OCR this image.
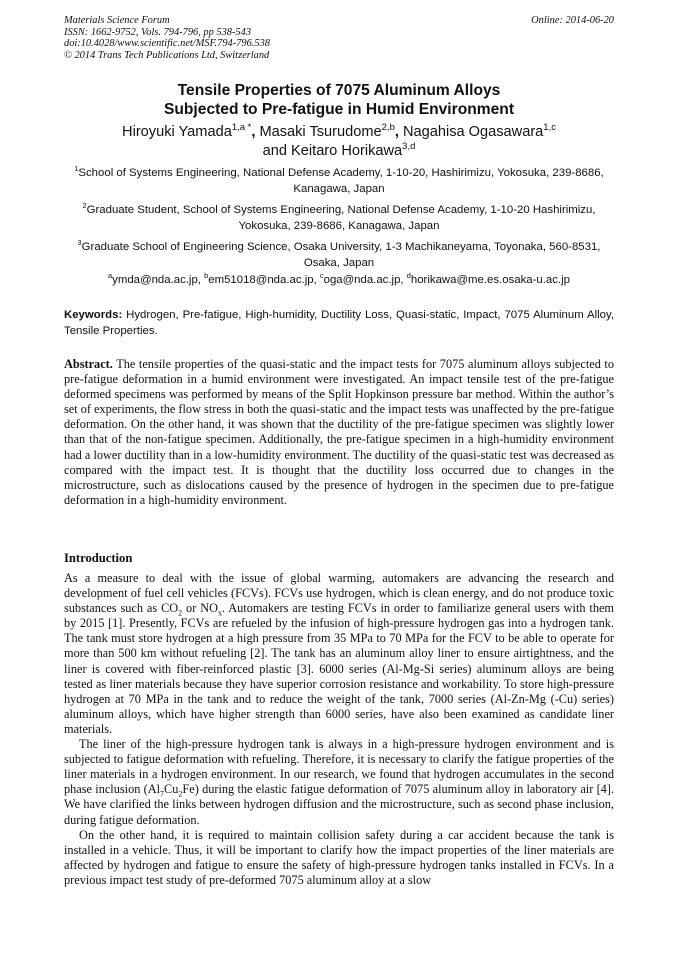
Materials Science Forum
ISSN: 1662-9752, Vols. 794-796, pp 538-543
doi:10.4028/www.scientific.net/MSF.794-796.538
© 2014 Trans Tech Publications Ltd, Switzerland
Online: 2014-06-20
Tensile Properties of 7075 Aluminum Alloys
Subjected to Pre-fatigue in Humid Environment
Hiroyuki Yamada$^{1,a *}$, Masaki Tsurudome$^{2,b}$, Nagahisa Ogasawara$^{1,c}$
and Keitaro Horikawa$^{3,d}$

$^1$School of Systems Engineering, National Defense Academy, 1-10-20, Hashirimizu, Yokosuka, 239-8686, Kanagawa, Japan

$^2$Graduate Student, School of Systems Engineering, National Defense Academy, 1-10-20 Hashirimizu, Yokosuka, 239-8686, Kanagawa, Japan

$^3$Graduate School of Engineering Science, Osaka University, 1-3 Machikaneyama, Toyonaka, 560-8531, Osaka, Japan

$^a$ymda@nda.ac.jp, $^b$em51018@nda.ac.jp, $^c$oga@nda.ac.jp, $^d$horikawa@me.es.osaka-u.ac.jp
Keywords: Hydrogen, Pre-fatigue, High-humidity, Ductility Loss, Quasi-static, Impact, 7075 Aluminum Alloy, Tensile Properties.
Abstract. The tensile properties of the quasi-static and the impact tests for 7075 aluminum alloys subjected to pre-fatigue deformation in a humid environment were investigated. An impact tensile test of the pre-fatigue deformed specimens was performed by means of the Split Hopkinson pressure bar method. Within the author’s set of experiments, the flow stress in both the quasi-static and the impact tests was unaffected by the pre-fatigue deformation. On the other hand, it was shown that the ductility of the pre-fatigue specimen was slightly lower than that of the non-fatigue specimen. Additionally, the pre-fatigue specimen in a high-humidity environment had a lower ductility than in a low-humidity environment. The ductility of the quasi-static test was decreased as compared with the impact test. It is thought that the ductility loss occurred due to changes in the microstructure, such as dislocations caused by the presence of hydrogen in the specimen due to pre-fatigue deformation in a high-humidity environment.
Introduction

As a measure to deal with the issue of global warming, automakers are advancing the research and development of fuel cell vehicles (FCVs). FCVs use hydrogen, which is clean energy, and do not produce toxic substances such as $CO_2$ or $NO_x$. Automakers are testing FCVs in order to familiarize general users with them by 2015 [1]. Presently, FCVs are refueled by the infusion of high-pressure hydrogen gas into a hydrogen tank. The tank must store hydrogen at a high pressure from 35 MPa to 70 MPa for the FCV to be able to operate for more than 500 km without refueling [2]. The tank has an aluminum alloy liner to ensure airtightness, and the liner is covered with fiber-reinforced plastic [3]. 6000 series (Al-Mg-Si series) aluminum alloys are being tested as liner materials because they have superior corrosion resistance and workability. To store high-pressure hydrogen at 70 MPa in the tank and to reduce the weight of the tank, 7000 series (Al-Zn-Mg (-Cu) series) aluminum alloys, which have higher strength than 6000 series, have also been examined as candidate liner materials.

The liner of the high-pressure hydrogen tank is always in a high-pressure hydrogen environment and is subjected to fatigue deformation with refueling. Therefore, it is necessary to clarify the fatigue properties of the liner materials in a hydrogen environment. In our research, we found that hydrogen accumulates in the second phase inclusion $(Al_7Cu_2Fe)$ during the elastic fatigue deformation of 7075 aluminum alloy in laboratory air [4]. We have clarified the links between hydrogen diffusion and the microstructure, such as second phase inclusion, during fatigue deformation.

On the other hand, it is required to maintain collision safety during a car accident because the tank is installed in a vehicle. Thus, it will be important to clarify how the impact properties of the liner materials are affected by hydrogen and fatigue to ensure the safety of high-pressure hydrogen tanks installed in FCVs. In a previous impact test study of pre-deformed 7075 aluminum alloy at a slow
